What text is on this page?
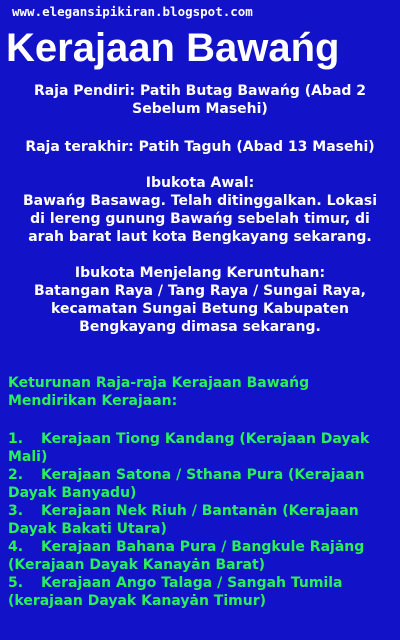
www.elegansipikiran.blogspot.com
Kerajaan Bawańg
Raja Pendiri: Patih Butag Bawańg (Abad 2
Sebelum Masehi)
Raja terakhir: Patih Taguh (Abad 13 Masehi)
Ibukota Awal:
Bawańg Basawag. Telah ditinggalkan. Lokasi
di lereng gunung Bawańg sebelah timur, di
arah barat laut kota Bengkayang sekarang.
Ibukota Menjelang Keruntuhan:
Batangan Raya / Tang Raya / Sungai Raya,
kecamatan Sungai Betung Kabupaten
Bengkayang dimasa sekarang.
Keturunan Raja-raja Kerajaan Bawańg
Mendirikan Kerajaan:
1. Kerajaan Tiong Kandang (Kerajaan Dayak
Mali)
2. Kerajaan Satona / Sthana Pura (Kerajaan
Dayak Banyadu)
3. Kerajaan Nek Riuh / Bantanȧn (Kerajaan
Dayak Bakati Utara)
4. Kerajaan Bahana Pura / Bangkule Rajȧng
(Kerajaan Dayak Kanayȧn Barat)
5. Kerajaan Ango Talaga / Sangah Tumila
(kerajaan Dayak Kanayȧn Timur)
